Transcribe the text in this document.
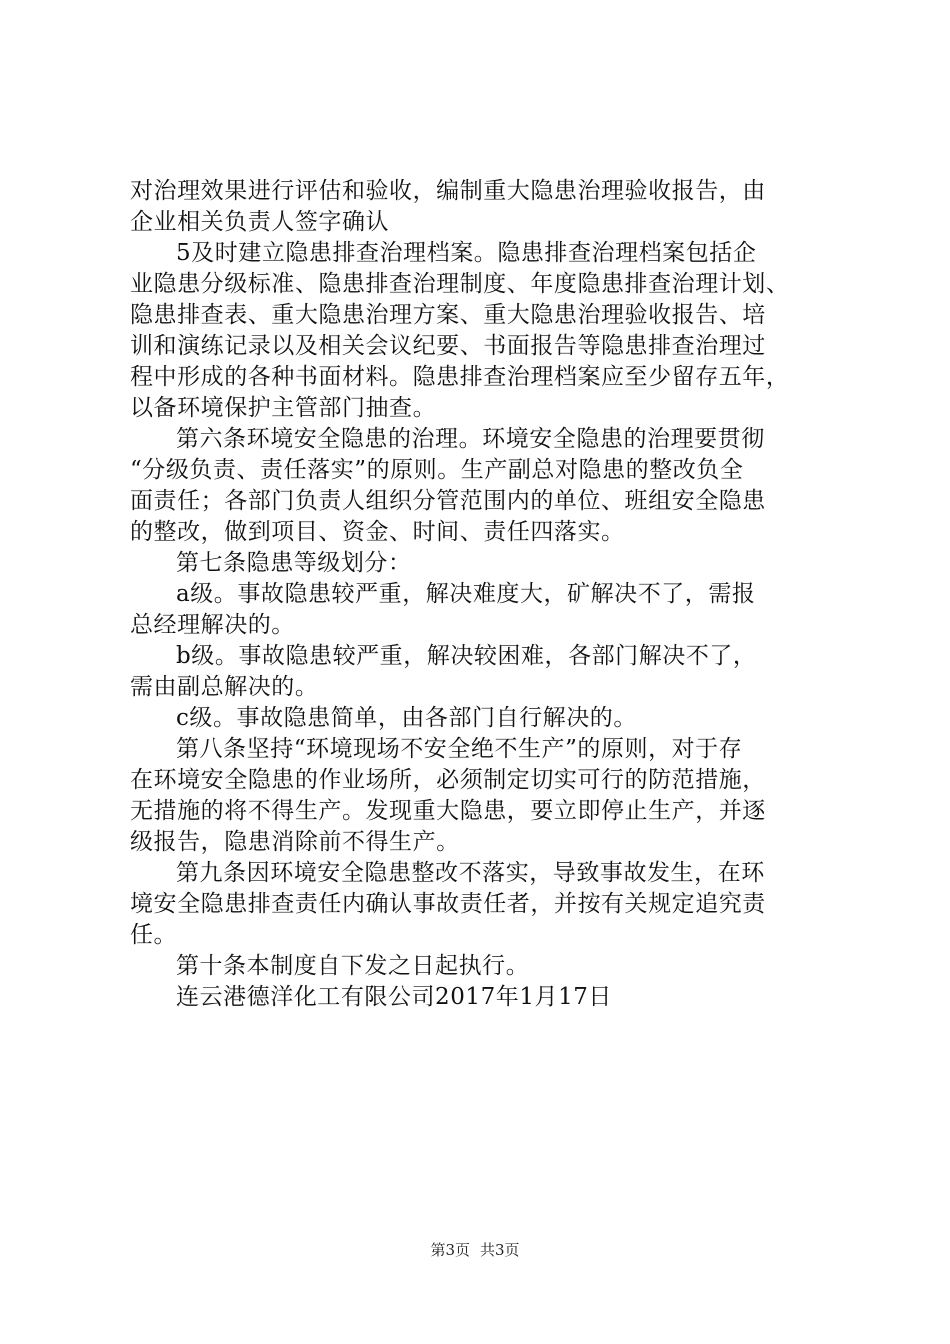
对治理效果进行评估和验收，编制重大隐患治理验收报告，由
企业相关负责人签字确认
5及时建立隐患排查治理档案。隐患排查治理档案包括企
业隐患分级标准、隐患排查治理制度、年度隐患排查治理计划、
隐患排查表、重大隐患治理方案、重大隐患治理验收报告、培
训和演练记录以及相关会议纪要、书面报告等隐患排查治理过
程中形成的各种书面材料。隐患排查治理档案应至少留存五年，
以备环境保护主管部门抽查。
第六条环境安全隐患的治理。环境安全隐患的治理要贯彻
“分级负责、责任落实”的原则。生产副总对隐患的整改负全
面责任；各部门负责人组织分管范围内的单位、班组安全隐患
的整改，做到项目、资金、时间、责任四落实。
第七条隐患等级划分：
a级。事故隐患较严重，解决难度大，矿解决不了，需报
总经理解决的。
b级。事故隐患较严重，解决较困难，各部门解决不了，
需由副总解决的。
c级。事故隐患简单，由各部门自行解决的。
第八条坚持“环境现场不安全绝不生产”的原则，对于存
在环境安全隐患的作业场所，必须制定切实可行的防范措施，
无措施的将不得生产。发现重大隐患，要立即停止生产，并逐
级报告，隐患消除前不得生产。
第九条因环境安全隐患整改不落实，导致事故发生，在环
境安全隐患排查责任内确认事故责任者，并按有关规定追究责
任。
第十条本制度自下发之日起执行。
连云港德洋化工有限公司2017年1月17日
第3页 共3页
